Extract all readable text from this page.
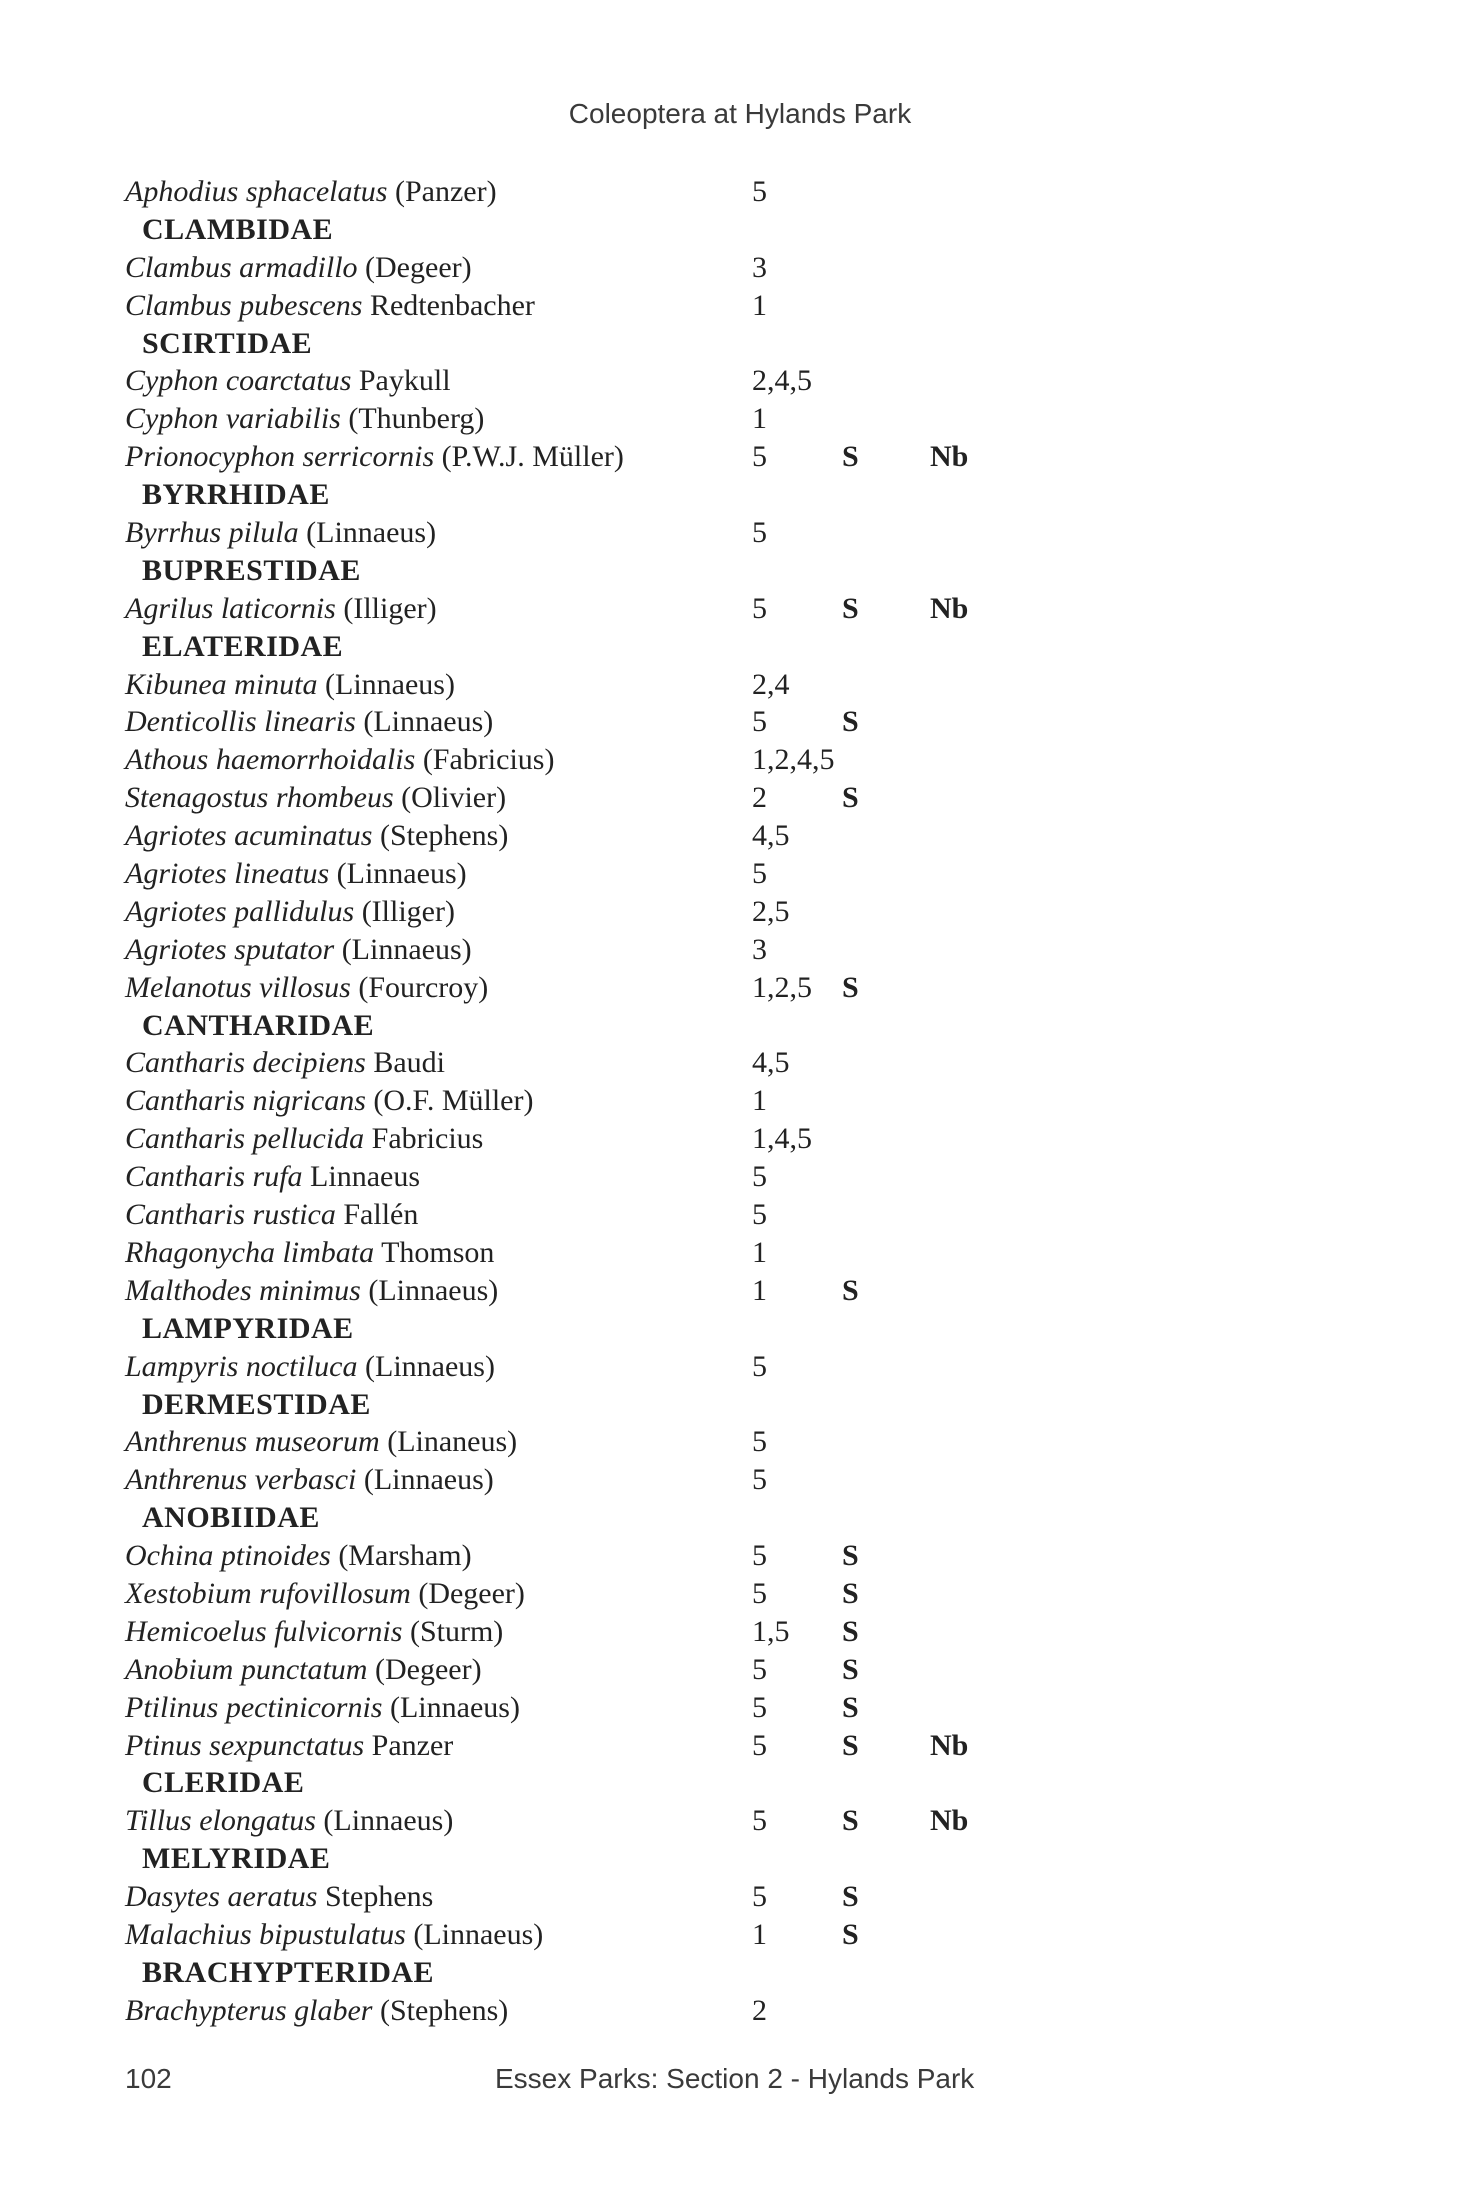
Coleoptera at Hylands Park
Aphodius sphacelatus (Panzer)	5
CLAMBIDAE
Clambus armadillo (Degeer)	3
Clambus pubescens Redtenbacher	1
SCIRTIDAE
Cyphon coarctatus Paykull	2,4,5
Cyphon variabilis (Thunberg)	1
Prionocyphon serricornis (P.W.J. Müller)	5	S Nb
BYRRHIDAE
Byrrhus pilula (Linnaeus)	5
BUPRESTIDAE
Agrilus laticornis (Illiger)	5	S Nb
ELATERIDAE
Kibunea minuta (Linnaeus)	2,4
Denticollis linearis (Linnaeus)	5	S
Athous haemorrhoidalis (Fabricius)	1,2,4,5
Stenagostus rhombeus (Olivier)	2	S
Agriotes acuminatus (Stephens)	4,5
Agriotes lineatus (Linnaeus)	5
Agriotes pallidulus (Illiger)	2,5
Agriotes sputator (Linnaeus)	3
Melanotus villosus (Fourcroy)	1,2,5 S
CANTHARIDAE
Cantharis decipiens Baudi	4,5
Cantharis nigricans (O.F. Müller)	1
Cantharis pellucida Fabricius	1,4,5
Cantharis rufa Linnaeus	5
Cantharis rustica Fallén	5
Rhagonycha limbata Thomson	1
Malthodes minimus (Linnaeus)	1	S
LAMPYRIDAE
Lampyris noctiluca (Linnaeus)	5
DERMESTIDAE
Anthrenus museorum (Linaneus)	5
Anthrenus verbasci (Linnaeus)	5
ANOBIIDAE
Ochina ptinoides (Marsham)	5	S
Xestobium rufovillosum (Degeer)	5	S
Hemicoelus fulvicornis (Sturm)	1,5 S
Anobium punctatum (Degeer)	5	S
Ptilinus pectinicornis (Linnaeus)	5	S
Ptinus sexpunctatus Panzer	5	S Nb
CLERIDAE
Tillus elongatus (Linnaeus)	5	S Nb
MELYRIDAE
Dasytes aeratus Stephens	5	S
Malachius bipustulatus (Linnaeus)	1	S
BRACHYPTERIDAE
Brachypterus glaber (Stephens)	2
102	Essex Parks: Section 2 - Hylands Park
